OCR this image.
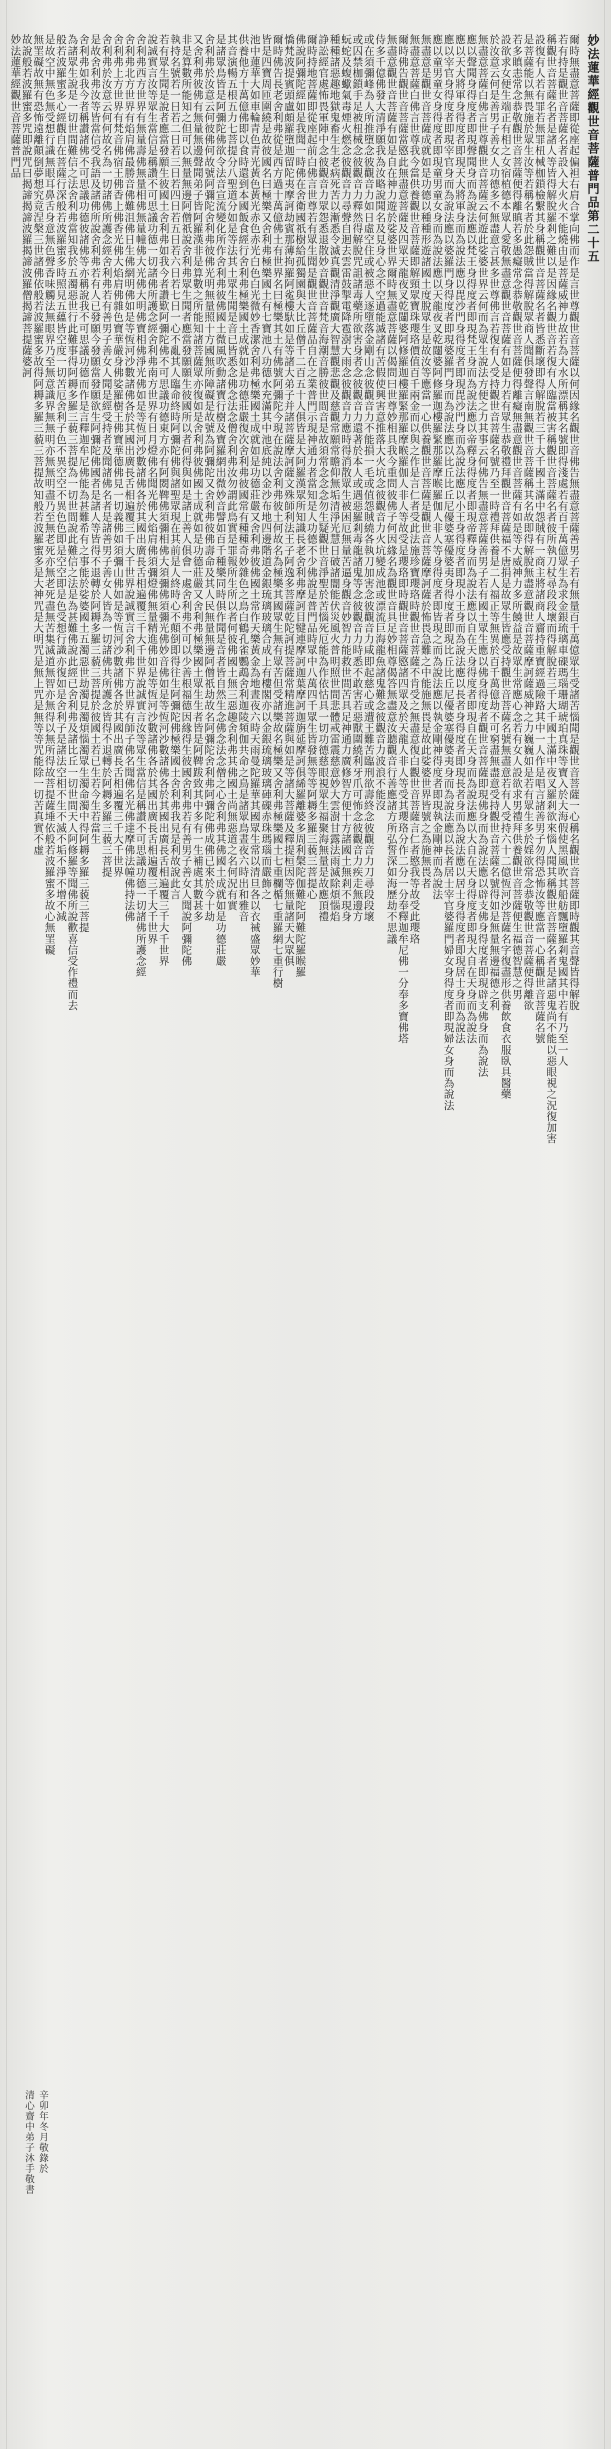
妙法蓮華經觀世音菩薩普門品第二十五
爾時無盡意菩薩即從座起偏袒右肩合掌向佛而作是言世尊觀世音菩薩以何因緣名觀世音佛告無盡意菩薩善男子若有無量百千萬億眾生受諸苦惱聞是觀世音菩薩一心稱名觀世音菩薩即時觀其音聲皆得解脫
若有持是觀世音菩薩名者設入大火火不能燒由是菩薩威神力故若為大水所漂稱其名號即得淺處若有百千萬億眾生為求金銀琉璃車磲瑪瑙珊瑚琥珀真珠等寶入於大海假使黑風吹其船舫飄墮羅剎鬼國其中若有乃至一人
稱觀世音菩薩名者是諸人等皆得解脫羅剎之難以是因緣名觀世音若復有人臨當被害稱觀世音菩薩名者彼所執刀杖尋段段壞而得解脫若三千大千國土滿中夜叉羅剎欲來惱人聞其稱觀世音菩薩名者是諸惡鬼尚不能以惡眼視之況復加害
設復有人若有罪若無罪杻械枷鎖檢繫其身稱觀世音菩薩名者皆悉斷壞即得解脫若三千大千國土滿中怨賊有一商主將諸商人齎持重寶經過險路其中一人作是唱言諸善男子勿得恐怖汝等應當一心稱觀世音菩薩名號
是菩薩能以無畏施於眾生汝等若稱名者於此怨賊當得解脫眾商人聞俱發聲言南無觀世音菩薩稱其名故即得解脫無盡意觀世音菩薩摩訶薩威神之力巍巍如是若有眾生多於婬欲常念恭敬觀世音菩薩便得離欲
若多瞋恚常念恭敬觀世音菩薩便得離瞋若多愚癡常念恭敬觀世音菩薩便得離癡無盡意觀世音菩薩有如是等大威神力多所饒益是故眾生常應心念若有女人設欲求男禮拜供養觀世音菩薩便生福德智慧之男
設欲求女便生端正有相之女宿植德本眾人愛敬無盡意觀世音菩薩有如是力若有眾生恭敬禮拜觀世音菩薩福不唐捐是故眾生皆應受持觀世音菩薩名號無盡意若有人受持六十二億恆河沙菩薩名字復盡形供養飲食衣服臥具醫藥
於汝意云何是善男子善女人功德多不無盡意言甚多世尊佛言若復有人受持觀世音菩薩名號乃至一時禮拜供養是二人福正等無異於百千萬億劫不可窮盡無盡意受持觀世音菩薩名號得如是無量無邊福德之利
無盡意菩薩白佛言世尊觀世音菩薩云何遊此娑婆世界云何而為眾生說法方便之力其事云何佛告無盡意菩薩善男子若有國土眾生應以佛身得度者觀世音菩薩即現佛身而為說法應以辟支佛身得度者即現辟支佛身而為說法
應以聲聞身得度者即現聲聞身而為說法應以梵王身得度者即現梵王身而為說法應以帝釋身得度者即現帝釋身而為說法應以自在天身得度者即現自在天身而為說法應以大自在天身得度者即現大自在天身而為說法
應以天大將軍身得度者即現天大將軍身而為說法應以毘沙門身得度者即現毘沙門身而為說法應以小王身得度者即現小王身而為說法應以長者身得度者即現長者身而為說法應以居士身得度者即現居士身而為說法
應以宰官身得度者即現宰官身而為說法應以婆羅門身得度者即現婆羅門身而為說法應以比丘比丘尼優婆塞優婆夷身得度者即現比丘比丘尼優婆塞優婆夷身而為說法應以長者居士宰官婆羅門婦女身得度者即現婦女身而為說法
應以童男童女身得度者即現童男童女身而為說法應以天龍夜叉乾闥婆阿修羅迦樓羅緊那羅摩睺羅伽人非人等身得度者即皆現之而為說法應以執金剛神得度者即現執金剛神而為說法
無盡意是觀世音菩薩成就如是功德以種種形遊諸國土度脫眾生是故汝等應當一心供養觀世音菩薩是觀世音菩薩摩訶薩於怖畏急難之中能施無畏是故此娑婆世界皆號之為施無畏者
無盡意菩薩白佛言世尊我今當供養觀世音菩薩即解頸眾寶珠瓔珞價值百千兩金而以與之作是言仁者受此法施珍寶瓔珞時觀世音菩薩不肯受之無盡意復白觀世音菩薩言仁者愍我等故受此瓔珞
爾時佛告觀世音菩薩當愍此無盡意菩薩及四眾天龍夜叉乾闥婆阿修羅迦樓羅緊那羅摩睺羅伽人非人等故受是瓔珞即時觀世音菩薩愍諸四眾及於天龍人非人等受其瓔珞分作二分一分奉釋迦牟尼佛一分奉多寶佛塔
無盡意觀世音菩薩有如是自在神力遊於娑婆世界爾時無盡意菩薩以偈問曰世尊妙相具我今重問彼佛子何因緣名為觀世音具足妙相尊偈答無盡意汝聽觀音行善應諸方所弘誓深如海歷劫不思議
侍多千億佛發大清淨願我為汝略說聞名及見身心念不空過能滅諸有苦假使興害意推落大火坑念彼觀音力火坑變成池或漂流巨海龍魚諸鬼難念彼觀音力波浪不能沒
或在須彌峰為人所推墮念彼觀音力如日虛空住或被惡人逐墮落金剛山念彼觀音力不能損一毛或值怨賊繞各執刀加害念彼觀音力咸即起慈心或遭王難苦臨刑欲壽終念彼觀音力刀尋段段壞
或囚禁枷鎖手足被杻械念彼觀音力釋然得解脫咒詛諸毒藥所欲害身者念彼觀音力還著於本人或遇惡羅剎毒龍諸鬼等念彼觀音力時悉不敢害若惡獸圍繞利牙爪可怖念彼觀音力疾走無邊方
蚖蛇及蝮蠍氣毒煙火燃念彼觀音力尋聲自迴去雲雷鼓掣電降雹澍大雨念彼觀音力應時得消散眾生被困厄無量苦逼身觀音妙智力能救世間苦具足神通力廣修智方便十方諸國土無剎不現身
種種諸惡趣地獄鬼畜生生老病死苦以漸悉令滅真觀清淨觀廣大智慧觀悲觀及慈觀常願常瞻仰無垢清淨光慧日破諸闇能伏災風火普明照世間悲體戒雷震慈意妙大雲澍甘露法雨滅除煩惱焰
諍訟經官處怖畏軍陣中念彼觀音力眾怨悉退散妙音觀世音梵音海潮音勝彼世間音是故須常念念念勿生疑觀世音淨聖於苦惱死厄能為作依怙具一切功德慈眼視眾生福聚海無量是故應頂禮
爾時持地菩薩即從座起前白佛言世尊若有眾生聞是觀世音菩薩品自在之業普門示現神通力者當知是人功德不少佛說是普門品時眾中八萬四千眾生皆發無等等阿耨多羅三藐三菩提心
佛說阿彌陀經如是我聞一時佛在舍衛國祇樹給孤獨園與大比丘僧千二百五十人俱皆是大阿羅漢眾所知識長老舍利弗摩訶目犍連摩訶迦葉摩訶迦旃延摩訶俱絺羅離婆多周利槃陀伽難陀阿難陀羅睺羅
憍梵波提賓頭盧頗羅墮迦留陀夷摩訶劫賓那薄拘羅阿㝹樓馱如是等諸大弟子并諸菩薩摩訶薩文殊師利法王子阿逸多菩薩乾陀訶提菩薩常精進菩薩與如是等諸大菩薩及釋提桓因等無量諸天大眾俱
爾時佛告長老舍利弗從是西方過十萬億佛土有世界名曰極樂其土有佛號阿彌陀今現在說法舍利弗彼土何故名為極樂其國眾生無有眾苦但受諸樂故名極樂又舍利弗極樂國土七重欄楯七重羅網七重行樹
皆是四寶周匝圍繞是故彼國名曰極樂又舍利弗極樂國土有七寶池八功德水充滿其中池底純以金沙布地四邊階道金銀琉璃玻璃合成上有樓閣亦以金銀琉璃玻璃硨磲赤珠瑪瑙而嚴飾之
池中蓮華大如車輪青色青光黃色黃光赤色赤光白色白光微妙香潔舍利弗極樂國土成就如是功德莊嚴又舍利弗彼佛國土常作天樂黃金為地晝夜六時天雨曼陀羅華其國眾生常以清旦各以衣祴盛眾妙華
供養他方十萬億佛即以食時還到本國飯食經行舍利弗極樂國土成就如是功德莊嚴復次舍利弗彼國常有種種奇妙雜色之鳥白鶴孔雀鸚鵡舍利迦陵頻伽共命之鳥是諸眾鳥晝夜六時出和雅音
其音演暢五根五力七菩提分八聖道分如是等法其土眾生聞是音已皆悉念佛念法念僧舍利弗汝勿謂此鳥實是罪報所生所以者何彼佛國土無三惡趣舍利弗其佛國土尚無惡道之名何況有實
是諸眾鳥皆是阿彌陀佛欲令法音宣流變化所作舍利弗彼佛國土微風吹動諸寶行樹及寶羅網出微妙音譬如百千種樂同時俱作聞是音者皆自然生念佛念法念僧之心舍利弗其佛國土成就如是功德莊嚴
舍利弗於汝意云何彼佛何故號阿彌陀舍利弗彼佛光明無量照十方國無所障礙是故號為阿彌陀又舍利弗彼佛壽命及其人民無量無邊阿僧祇劫故名阿彌陀舍利弗阿彌陀佛成佛已來於今十劫
又舍利弗彼佛有無量無邊聲聞弟子皆阿羅漢非是算數之所能知諸菩薩眾亦復如是舍利弗彼佛國土成就如是功德莊嚴又舍利弗極樂國土眾生生者皆是阿鞞跋致其中多有一生補處其數甚多
非是算數所能知之但可以無量無邊阿僧祇說舍利弗眾生聞者應當發願願生彼國所以者何得與如是諸上善人俱會一處舍利弗不可以少善根福德因緣得生彼國舍利弗若有善男子善女人聞說阿彌陀佛
執持名號若一日若二日若三日若四日若五日若六日若七日一心不亂其人臨命終時阿彌陀佛與諸聖眾現在其前是人終時心不顛倒即得往生阿彌陀佛極樂國土舍利弗我見是利故說此言
若有眾生聞是說者應當發願生彼國土舍利弗如我今者讚歎阿彌陀佛不可思議功德東方亦有阿閦鞞佛須彌相佛大須彌佛須彌光佛妙音佛如是等恆河沙數諸佛各於其國出廣長舌相遍覆三千大千世界
說誠實言汝等眾生當信是稱讚不可思議功德一切諸佛所護念經舍利弗南方世界有日月燈佛名聞光佛大焰肩佛須彌燈佛無量精進佛如是等恆河沙數諸佛各於其國出廣長舌相遍覆三千大千世界
舍利弗西方世界有無量壽佛無量相佛無量幢佛大光佛大明佛寶相佛淨光佛如是等恆河沙數諸佛各於其國出廣長舌相遍覆三千大千世界說誠實言汝等眾生當信是稱讚不可思議功德一切諸佛所護念經
舍利弗北方世界有焰肩佛最勝音佛難沮佛日生佛網明佛如是等恆河沙數諸佛各於其國出廣長舌相遍覆三千大千世界說誠實言舍利弗下方世界有師子佛名聞佛名光佛達摩佛法幢佛持法佛
舍利弗上方世界有梵音佛宿王佛香上佛香光佛大焰肩佛雜色寶華嚴身佛娑羅樹王佛寶華德佛見一切義佛如須彌山佛如是等恆河沙數諸佛各於其國出廣長舌相遍覆三千大千世界
舍利弗於汝意云何何故名為一切諸佛所護念經舍利弗若有善男子善女人聞是經受持者及聞諸佛名者是諸善男子善女人皆為一切諸佛共所護念皆得不退轉於阿耨多羅三藐三菩提
是故舍利弗汝等皆當信受我語及諸佛所說舍利弗若有人已發願今發願當發願欲生阿彌陀佛國者是諸人等皆得不退轉於阿耨多羅三藐三菩提於彼國土若已生若今生若當生
舍利弗如我今者稱讚諸佛不可思議功德彼諸佛等亦稱說我不可思議功德而作是言釋迦牟尼佛能為甚難希有之事能於娑婆國土五濁惡世劫濁見濁煩惱濁眾生濁命濁中得阿耨多羅三藐三菩提
為諸眾生說是一切世間難信之法舍利弗當知我於五濁惡世行此難事得阿耨多羅三藐三菩提為一切世間說此難信之法是為甚難佛說此經已舍利弗及諸比丘一切世間天人阿修羅等聞佛所說歡喜信受作禮而去
般若波羅蜜多心經觀自在菩薩行深般若波羅蜜多時照見五蘊皆空度一切苦厄舍利子色不異空空不異色色即是空空即是色受想行識亦復如是舍利子是諸法空相不生不滅不垢不淨不增不減
是故空中無色無受想行識無眼耳鼻舌身意無色聲香味觸法無眼界乃至無意識界無無明亦無無明盡乃至無老死亦無老死盡無苦集滅道無智亦無得以無所得故菩提薩埵依般若波羅蜜多故心無罣礙
無罣礙故無有恐怖遠離顛倒夢想究竟涅槃三世諸佛依般若波羅蜜多故得阿耨多羅三藐三菩提故知般若波羅蜜多是大神咒是大明咒是無上咒是無等等咒能除一切苦真實不虛
故說般若波羅蜜多咒即說咒曰揭諦揭諦波羅揭諦波羅僧揭諦菩提薩婆訶
妙法蓮華經觀世音菩薩普門品
辛卯年冬月敬錄於
清心齋中弟子沐手敬書
